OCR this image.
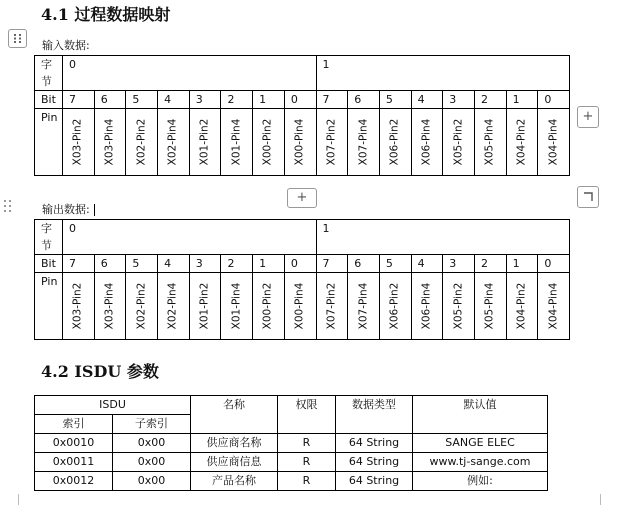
4.1 过程数据映射
输入数据:
字
节	0								1							
Bit	7	6	5	4	3	2	1	0	7	6	5	4	3	2	1	0
Pin	X03-Pin2	X03-Pin4	X02-Pin2	X02-Pin4	X01-Pin2	X01-Pin4	X00-Pin2	X00-Pin4	X07-Pin2	X07-Pin4	X06-Pin2	X06-Pin4	X05-Pin2	X05-Pin4	X04-Pin2	X04-Pin4
+
+
输出数据:
字
节	0								1							
Bit	7	6	5	4	3	2	1	0	7	6	5	4	3	2	1	0
Pin	X03-Pin2	X03-Pin4	X02-Pin2	X02-Pin4	X01-Pin2	X01-Pin4	X00-Pin2	X00-Pin4	X07-Pin2	X07-Pin4	X06-Pin2	X06-Pin4	X05-Pin2	X05-Pin4	X04-Pin2	X04-Pin4
4.2 ISDU 参数
ISDU		名称	权限	数据类型	默认值
索引	子索引				
0x0010	0x00	供应商名称	R	64 String	SANGE ELEC
0x0011	0x00	供应商信息	R	64 String	www.tj-sange.com
0x0012	0x00	产品名称	R	64 String	例如:
